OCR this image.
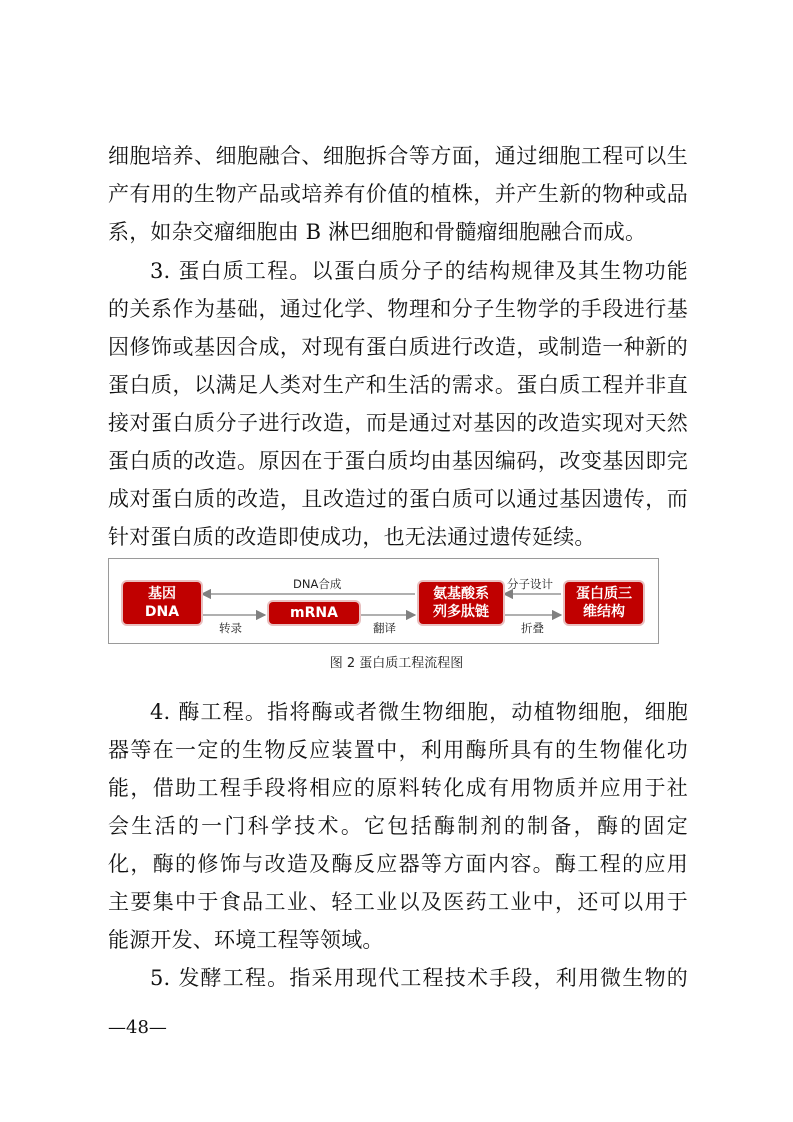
细胞培养、细胞融合、细胞拆合等方面，通过细胞工程可以生
产有用的生物产品或培养有价值的植株，并产生新的物种或品
系，如杂交瘤细胞由 B 淋巴细胞和骨髓瘤细胞融合而成。
3. 蛋白质工程。以蛋白质分子的结构规律及其生物功能
的关系作为基础，通过化学、物理和分子生物学的手段进行基
因修饰或基因合成，对现有蛋白质进行改造，或制造一种新的
蛋白质，以满足人类对生产和生活的需求。蛋白质工程并非直
接对蛋白质分子进行改造，而是通过对基因的改造实现对天然
蛋白质的改造。原因在于蛋白质均由基因编码，改变基因即完
成对蛋白质的改造，且改造过的蛋白质可以通过基因遗传，而
针对蛋白质的改造即使成功，也无法通过遗传延续。
基因
DNA	mRNA
氨基酸系
列多肽链
蛋白质三
维结构
DNA合成	分子设计
转录	翻译	折叠
图 2 蛋白质工程流程图
4. 酶工程。指将酶或者微生物细胞，动植物细胞，细胞
器等在一定的生物反应装置中，利用酶所具有的生物催化功
能，借助工程手段将相应的原料转化成有用物质并应用于社
会生活的一门科学技术。它包括酶制剂的制备，酶的固定
化，酶的修饰与改造及酶反应器等方面内容。酶工程的应用
主要集中于食品工业、轻工业以及医药工业中，还可以用于
能源开发、环境工程等领域。
5. 发酵工程。指采用现代工程技术手段，利用微生物的
—48—
